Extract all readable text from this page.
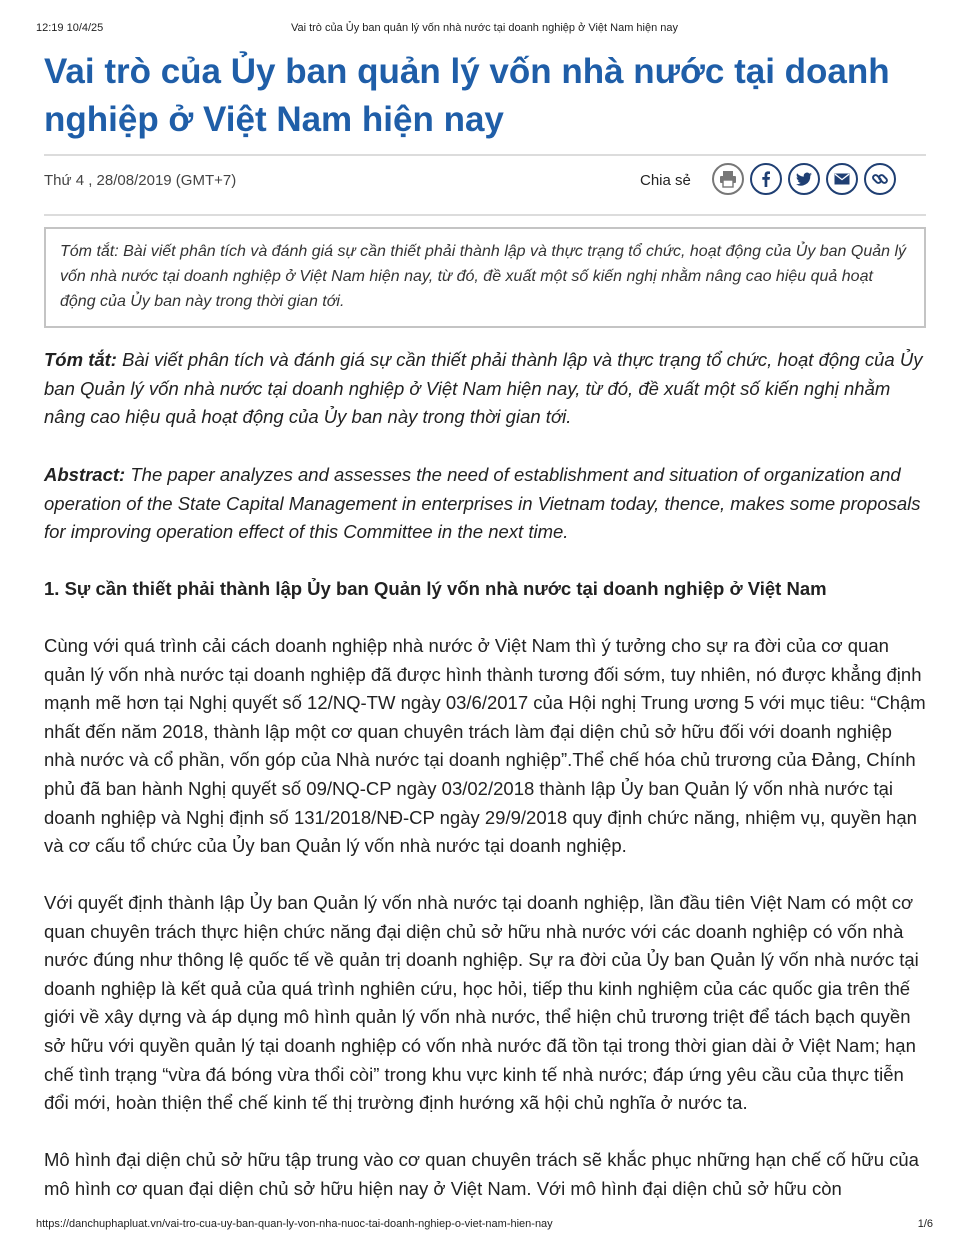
12:19 10/4/25	Vai trò của Ủy ban quản lý vốn nhà nước tại doanh nghiệp ở Việt Nam hiện nay
Vai trò của Ủy ban quản lý vốn nhà nước tại doanh nghiệp ở Việt Nam hiện nay
Thứ 4 , 28/08/2019 (GMT+7)	Chia sẻ
Tóm tắt: Bài viết phân tích và đánh giá sự cần thiết phải thành lập và thực trạng tổ chức, hoạt động của Ủy ban Quản lý vốn nhà nước tại doanh nghiệp ở Việt Nam hiện nay, từ đó, đề xuất một số kiến nghị nhằm nâng cao hiệu quả hoạt động của Ủy ban này trong thời gian tới.

Tóm tắt: Bài viết phân tích và đánh giá sự cần thiết phải thành lập và thực trạng tổ chức, hoạt động của Ủy ban Quản lý vốn nhà nước tại doanh nghiệp ở Việt Nam hiện nay, từ đó, đề xuất một số kiến nghị nhằm nâng cao hiệu quả hoạt động của Ủy ban này trong thời gian tới.

Abstract: The paper analyzes and assesses the need of establishment and situation of organization and operation of the State Capital Management in enterprises in Vietnam today, thence, makes some proposals for improving operation effect of this Committee in the next time.

1. Sự cần thiết phải thành lập Ủy ban Quản lý vốn nhà nước tại doanh nghiệp ở Việt Nam

Cùng với quá trình cải cách doanh nghiệp nhà nước ở Việt Nam thì ý tưởng cho sự ra đời của cơ quan quản lý vốn nhà nước tại doanh nghiệp đã được hình thành tương đối sớm, tuy nhiên, nó được khẳng định mạnh mẽ hơn tại Nghị quyết số 12/NQ-TW ngày 03/6/2017 của Hội nghị Trung ương 5 với mục tiêu: “Chậm nhất đến năm 2018, thành lập một cơ quan chuyên trách làm đại diện chủ sở hữu đối với doanh nghiệp nhà nước và cổ phần, vốn góp của Nhà nước tại doanh nghiệp”.Thể chế hóa chủ trương của Đảng, Chính phủ đã ban hành Nghị quyết số 09/NQ-CP ngày 03/02/2018 thành lập Ủy ban Quản lý vốn nhà nước tại doanh nghiệp và Nghị định số 131/2018/NĐ-CP ngày 29/9/2018 quy định chức năng, nhiệm vụ, quyền hạn và cơ cấu tổ chức của Ủy ban Quản lý vốn nhà nước tại doanh nghiệp.

Với quyết định thành lập Ủy ban Quản lý vốn nhà nước tại doanh nghiệp, lần đầu tiên Việt Nam có một cơ quan chuyên trách thực hiện chức năng đại diện chủ sở hữu nhà nước với các doanh nghiệp có vốn nhà nước đúng như thông lệ quốc tế về quản trị doanh nghiệp. Sự ra đời của Ủy ban Quản lý vốn nhà nước tại doanh nghiệp là kết quả của quá trình nghiên cứu, học hỏi, tiếp thu kinh nghiệm của các quốc gia trên thế giới về xây dựng và áp dụng mô hình quản lý vốn nhà nước, thể hiện chủ trương triệt để tách bạch quyền sở hữu với quyền quản lý tại doanh nghiệp có vốn nhà nước đã tồn tại trong thời gian dài ở Việt Nam; hạn chế tình trạng “vừa đá bóng vừa thổi còi” trong khu vực kinh tế nhà nước; đáp ứng yêu cầu của thực tiễn đổi mới, hoàn thiện thể chế kinh tế thị trường định hướng xã hội chủ nghĩa ở nước ta.

Mô hình đại diện chủ sở hữu tập trung vào cơ quan chuyên trách sẽ khắc phục những hạn chế cố hữu của mô hình cơ quan đại diện chủ sở hữu hiện nay ở Việt Nam. Với mô hình đại diện chủ sở hữu còn

https://danchuphapluat.vn/vai-tro-cua-uy-ban-quan-ly-von-nha-nuoc-tai-doanh-nghiep-o-viet-nam-hien-nay	1/6
